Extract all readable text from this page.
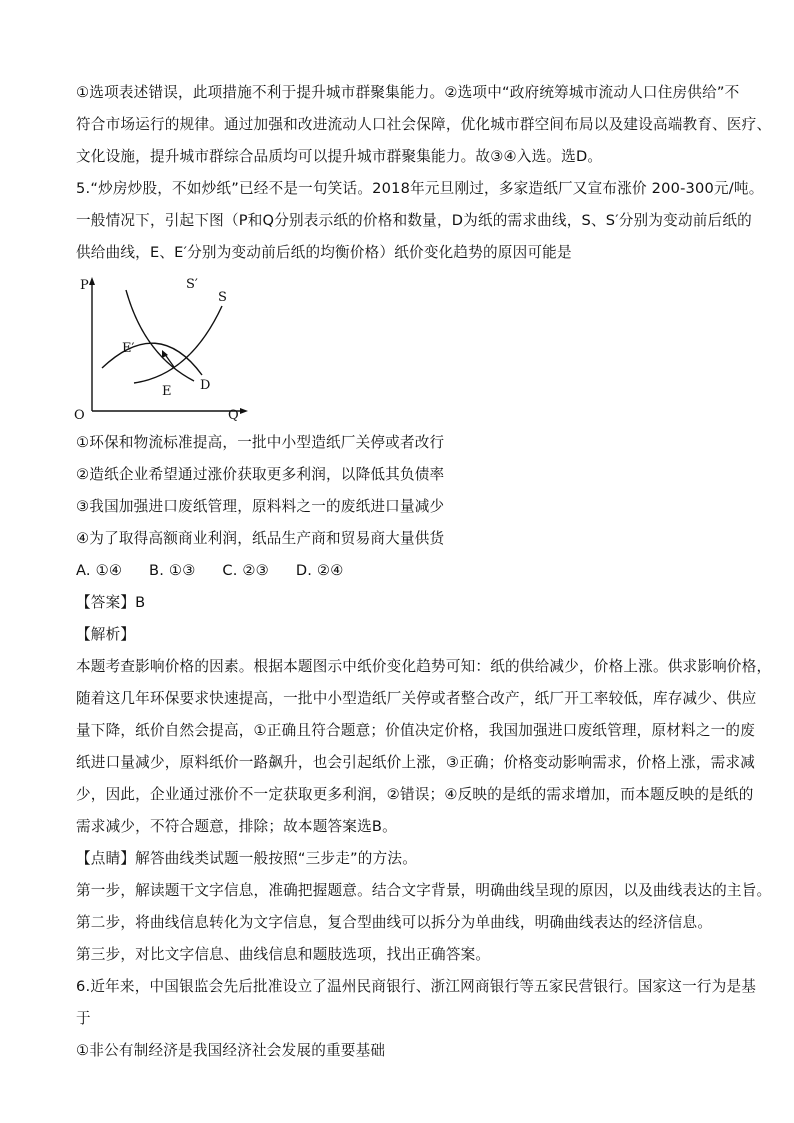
①选项表述错误，此项措施不利于提升城市群聚集能力。②选项中“政府统筹城市流动人口住房供给”不
符合市场运行的规律。通过加强和改进流动人口社会保障，优化城市群空间布局以及建设高端教育、医疗、
文化设施，提升城市群综合品质均可以提升城市群聚集能力。故③④入选。选D。
5.“炒房炒股，不如炒纸”已经不是一句笑话。2018年元旦刚过，多家造纸厂又宣布涨价 200-300元/吨。
一般情况下，引起下图（P和Q分别表示纸的价格和数量，D为纸的需求曲线，S、S′分别为变动前后纸的
供给曲线，E、E′分别为变动前后纸的均衡价格）纸价变化趋势的原因可能是
P
O	Q
S′
S
D
E′
E
①环保和物流标准提高，一批中小型造纸厂关停或者改行
②造纸企业希望通过涨价获取更多利润，以降低其负债率
③我国加强进口废纸管理，原料料之一的废纸进口量减少
④为了取得高额商业利润，纸品生产商和贸易商大量供货
A. ①④ B. ①③ C. ②③ D. ②④
【答案】B
【解析】
本题考查影响价格的因素。根据本题图示中纸价变化趋势可知：纸的供给减少，价格上涨。供求影响价格，
随着这几年环保要求快速提高，一批中小型造纸厂关停或者整合改产，纸厂开工率较低，库存减少、供应
量下降，纸价自然会提高，①正确且符合题意；价值决定价格，我国加强进口废纸管理，原材料之一的废
纸进口量减少，原料纸价一路飙升，也会引起纸价上涨，③正确；价格变动影响需求，价格上涨，需求减
少，因此，企业通过涨价不一定获取更多利润，②错误；④反映的是纸的需求增加，而本题反映的是纸的
需求减少，不符合题意，排除；故本题答案选B。
【点睛】解答曲线类试题一般按照“三步走”的方法。
第一步，解读题干文字信息，准确把握题意。结合文字背景，明确曲线呈现的原因，以及曲线表达的主旨。
第二步，将曲线信息转化为文字信息，复合型曲线可以拆分为单曲线，明确曲线表达的经济信息。
第三步，对比文字信息、曲线信息和题肢选项，找出正确答案。
6.近年来，中国银监会先后批准设立了温州民商银行、浙江网商银行等五家民营银行。国家这一行为是基
于
①非公有制经济是我国经济社会发展的重要基础
